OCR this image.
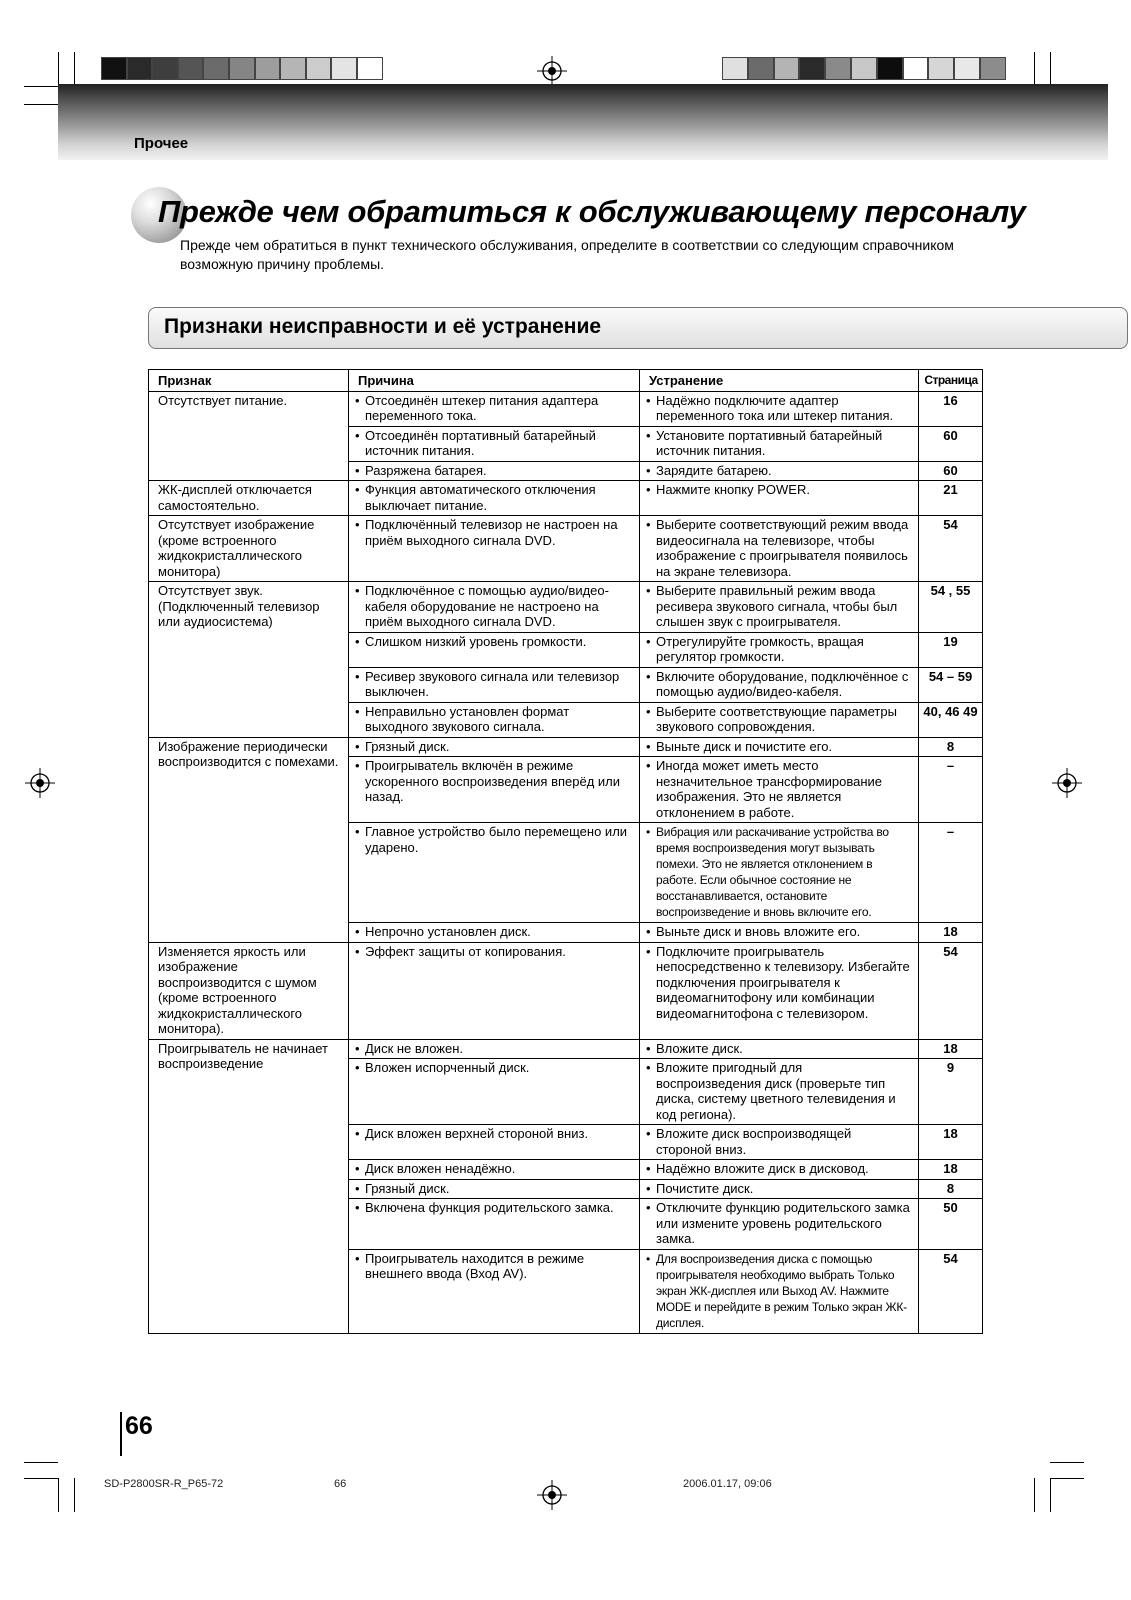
Прочее
Прежде чем обратиться к обслуживающему персоналу
Прежде чем обратиться в пункт технического обслуживания, определите в соответствии со следующим справочником возможную причину проблемы.
Признаки неисправности и её устранение
Признак	Причина	Устранение	Страница
Отсутствует питание.	• Отсоединён штекер питания адаптера переменного тока.	• Надёжно подключите адаптер переменного тока или штекер питания.	16

	• Отсоединён портативный батарейный источник питания.	• Установите портативный батарейный источник питания.	60

	• Разряжена батарея.	• Зарядите батарею.	60
ЖК-дисплей отключается самостоятельно.	• Функция автоматического отключения выключает питание.	• Нажмите кнопку POWER.	21
Отсутствует изображение (кроме встроенного жидкокристаллического монитора)	• Подключённый телевизор не настроен на приём выходного сигнала DVD.	• Выберите соответствующий режим ввода видеосигнала на телевизоре, чтобы изображение с проигрывателя появилось на экране телевизора.	54
Отсутствует звук. (Подключенный телевизор или аудиосистема)	• Подключённое с помощью аудио/видео-кабеля оборудование не настроено на приём выходного сигнала DVD.	• Выберите правильный режим ввода ресивера звукового сигнала, чтобы был слышен звук с проигрывателя.	54 , 55

	• Слишком низкий уровень громкости.	• Отрегулируйте громкость, вращая регулятор громкости.	19

	• Ресивер звукового сигнала или телевизор выключен.	• Включите оборудование, подключённое с помощью аудио/видео-кабеля.	54 – 59

	• Неправильно установлен формат выходного звукового сигнала.	• Выберите соответствующие параметры звукового сопровождения.	40, 46 49
Изображение периодически воспроизводится с помехами.	• Грязный диск.	• Выньте диск и почистите его.	8

	• Проигрыватель включён в режиме ускоренного воспроизведения вперёд или назад.	• Иногда может иметь место незначительное трансформирование изображения. Это не является отклонением в работе.	–

	• Главное устройство было перемещено или ударено.	• Вибрация или раскачивание устройства во время воспроизведения могут вызывать помехи. Это не является отклонением в работе. Если обычное состояние не восстанавливается, остановите воспроизведение и вновь включите его.	–

	• Непрочно установлен диск.	• Выньте диск и вновь вложите его.	18
Изменяется яркость или изображение воспроизводится с шумом (кроме встроенного жидкокристаллического монитора).	• Эффект защиты от копирования.	• Подключите проигрыватель непосредственно к телевизору. Избегайте подключения проигрывателя к видеомагнитофону или комбинации видеомагнитофона с телевизором.	54
Проигрыватель не начинает воспроизведение	• Диск не вложен.	• Вложите диск.	18

	• Вложен испорченный диск.	• Вложите пригодный для воспроизведения диск (проверьте тип диска, систему цветного телевидения и код региона).	9

	• Диск вложен верхней стороной вниз.	• Вложите диск воспроизводящей стороной вниз.	18

	• Диск вложен ненадёжно.	• Надёжно вложите диск в дисковод.	18

	• Грязный диск.	• Почистите диск.	8

	• Включена функция родительского замка.	• Отключите функцию родительского замка или измените уровень родительского замка.	50

	• Проигрыватель находится в режиме внешнего ввода (Вход AV).	• Для воспроизведения диска с помощью проигрывателя необходимо выбрать Только экран ЖК-дисплея или Выход AV. Нажмите MODE и перейдите в режим Только экран ЖК-дисплея.	54
66
SD-P2800SR-R_P65-72	66	2006.01.17, 09:06
